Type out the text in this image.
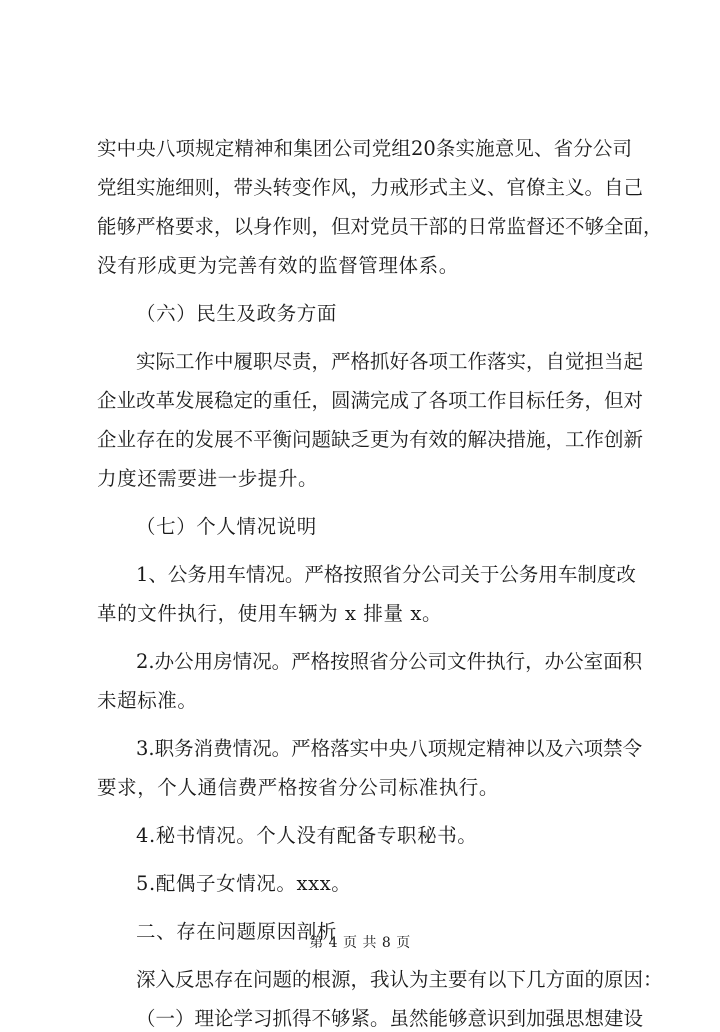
实中央八项规定精神和集团公司党组20条实施意见、省分公司
党组实施细则，带头转变作风，力戒形式主义、官僚主义。自己
能够严格要求，以身作则，但对党员干部的日常监督还不够全面，
没有形成更为完善有效的监督管理体系。
（六）民生及政务方面
实际工作中履职尽责，严格抓好各项工作落实，自觉担当起
企业改革发展稳定的重任，圆满完成了各项工作目标任务，但对
企业存在的发展不平衡问题缺乏更为有效的解决措施，工作创新
力度还需要进一步提升。
（七）个人情况说明
1、公务用车情况。严格按照省分公司关于公务用车制度改
革的文件执行，使用车辆为 x 排量 x。
2.办公用房情况。严格按照省分公司文件执行，办公室面积
未超标准。
3.职务消费情况。严格落实中央八项规定精神以及六项禁令
要求，个人通信费严格按省分公司标准执行。
4.秘书情况。个人没有配备专职秘书。
5.配偶子女情况。xxx。
二、存在问题原因剖析
深入反思存在问题的根源，我认为主要有以下几方面的原因：
（一）理论学习抓得不够紧。虽然能够意识到加强思想建设
第 4 页 共 8 页
